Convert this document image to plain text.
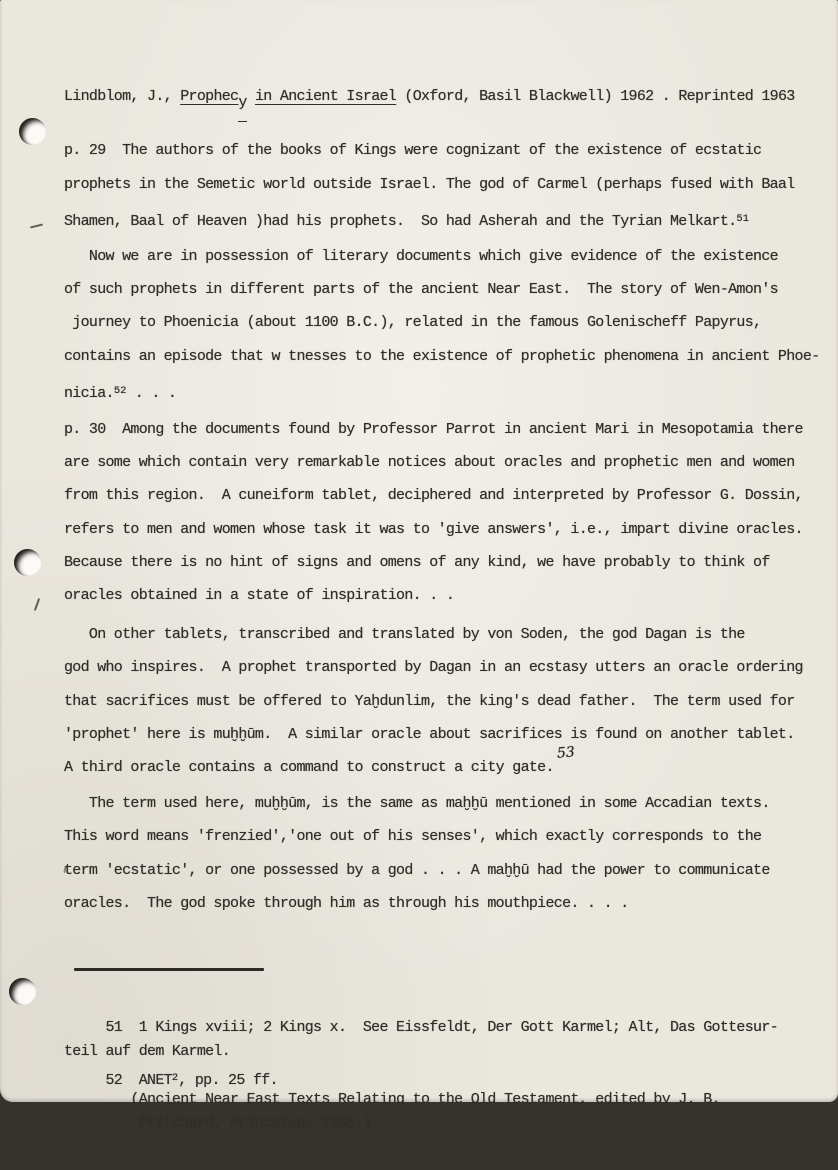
Lindblom, J., Prophecy in Ancient Israel (Oxford, Basil Blackwell) 1962 . Reprinted 1963
p. 29  The authors of the books of Kings were cognizant of the existence of ecstatic
prophets in the Semetic world outside Israel. The god of Carmel (perhaps fused with Baal
Shamen, Baal of Heaven )had his prophets.  So had Asherah and the Tyrian Melkart.$^{51}$
Now we are in possession of literary documents which give evidence of the existence
of such prophets in different parts of the ancient Near East.  The story of Wen-Amon's
journey to Phoenicia (about 1100 B.C.), related in the famous Golenischeff Papyrus,
contains an episode that w tnesses to the existence of prophetic phenomena in ancient Phoe-
nicia.$^{52}$ . . .
p. 30  Among the documents found by Professor Parrot in ancient Mari in Mesopotamia there
are some which contain very remarkable notices about oracles and prophetic men and women
from this region.  A cuneiform tablet, deciphered and interpreted by Professor G. Dossin,
refers to men and women whose task it was to 'give answers', i.e., impart divine oracles.
Because there is no hint of signs and omens of any kind, we have probably to think of
oracles obtained in a state of inspiration. . .
On other tablets, transcribed and translated by von Soden, the god Dagan is the
god who inspires.  A prophet transported by Dagan in an ecstasy utters an oracle ordering
that sacrifices must be offered to Yaḫdunlim, the king's dead father.  The term used for
'prophet' here is muḫḫūm.  A similar oracle about sacrifices is found on another tablet.
A third oracle contains a command to construct a city gate.53
The term used here, muḫḫūm, is the same as maḫḫū mentioned in some Accadian texts.
This word means 'frenzied','one out of his senses', which exactly corresponds to the
term 'ecstatic', or one possessed by a god . . . A maḫḫū had the power to communicate
oracles.  The god spoke through him as through his mouthpiece. . . .

51  1 Kings xviii; 2 Kings x.  See Eissfeldt, Der Gott Karmel; Alt, Das Gottesur-
teil auf dem Karmel.
52  ANET$^2$, pp. 25 ff.
(Ancient Near East Texts Relating to the Old Testament, edited by J. B.
Pritchard, Princeton, 1955.)
